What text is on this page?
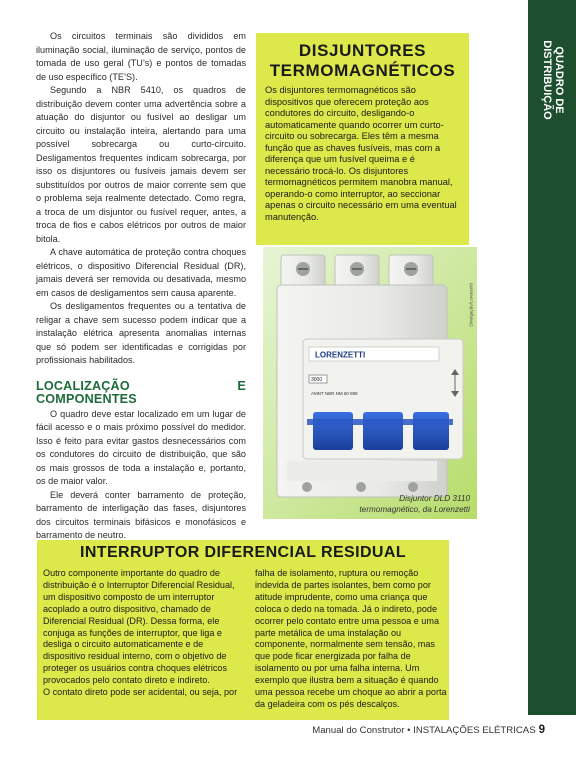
QUADRO DE
DISTRIBUIÇÃO

Os circuitos terminais são divididos em iluminação social, iluminação de serviço, pontos de tomada de uso geral (TU’s) e pontos de tomadas de uso específico (TE’S).

Segundo a NBR 5410, os quadros de distribuição devem conter uma advertência sobre a atuação do disjuntor ou fusível ao desligar um circuito ou instalação inteira, alertando para uma possível sobrecarga ou curto-circuito. Desligamentos frequentes indicam sobrecarga, por isso os disjuntores ou fusíveis jamais devem ser substituídos por outros de maior corrente sem que o problema seja realmente detectado. Como regra, a troca de um disjuntor ou fusível requer, antes, a troca de fios e cabos elétricos por outros de maior bitola.

A chave automática de proteção contra choques elétricos, o dispositivo Diferencial Residual (DR), jamais deverá ser removida ou desativada, mesmo em casos de desligamentos sem causa aparente.

Os desligamentos frequentes ou a tentativa de religar a chave sem sucesso podem indicar que a instalação elétrica apresenta anomalias internas que só podem ser identificadas e corrigidas por profissionais habilitados.

LOCALIZAÇÃO E COMPONENTES

O quadro deve estar localizado em um lugar de fácil acesso e o mais próximo possível do medidor. Isso é feito para evitar gastos desnecessários com os condutores do circuito de distribuição, que são os mais grossos de toda a instalação e, portanto, os de maior valor.

Ele deverá conter barramento de proteção, barramento de interligação das fases, disjuntores dos circuitos terminais bifásicos e monofásicos e barramento de neutro.

DISJUNTORES TERMOMAGNÉTICOS
Os disjuntores termomagnéticos são dispositivos que oferecem proteção aos condutores do circuito, desligando-o automaticamente quando ocorrer um curto-circuito ou sobrecarga. Eles têm a mesma função que as chaves fusíveis, mas com a diferença que um fusível queima e é necessário trocá-lo. Os disjuntores termomagnéticos permitem manobra manual, operando-o como interruptor, ao seccionar apenas o circuito necessário em uma eventual manutenção.
LORENZETTI
3000
AMNT NBR NM 60 898
Divulgação/Lorenzetti
Disjuntor DLD 3110
termomagnético, da Lorenzetti
INTERRUPTOR DIFERENCIAL RESIDUAL

Outro componente importante do quadro de distribuição é o Interruptor Diferencial Residual, um dispositivo composto de um interruptor acoplado a outro dispositivo, chamado de Diferencial Residual (DR). Dessa forma, ele conjuga as funções de interruptor, que liga e desliga o circuito automaticamente e de dispositivo residual interno, com o objetivo de proteger os usuários contra choques elétricos provocados pelo contato direto e indireto.

O contato direto pode ser acidental, ou seja, por

falha de isolamento, ruptura ou remoção indevida de partes isolantes, bem como por atitude imprudente, como uma criança que coloca o dedo na tomada. Já o indireto, pode ocorrer pelo contato entre uma pessoa e uma parte metálica de uma instalação ou componente, normalmente sem tensão, mas que pode ficar energizada por falha de isolamento ou por uma falha interna. Um exemplo que ilustra bem a situação é quando uma pessoa recebe um choque ao abrir a porta da geladeira com os pés descalços.

Manual do Construtor • INSTALAÇÕES ELÉTRICAS 9
